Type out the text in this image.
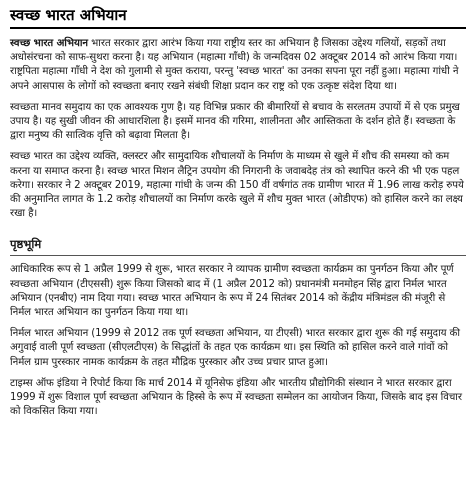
स्वच्छ भारत अभियान

स्वच्छ भारत अभियान भारत सरकार द्वारा आरंभ किया गया राष्ट्रीय स्तर का अभियान है जिसका उद्देश्य गलियों, सड़कों तथा अधोसंरचना को साफ-सुथरा करना है। यह अभियान (महात्मा गाँधी) के जन्मदिवस 02 अक्टूबर 2014 को आरंभ किया गया। राष्ट्रपिता महात्मा गाँधी ने देश को गुलामी से मुक्त कराया, परन्तु 'स्वच्छ भारत' का उनका सपना पूरा नहीं हुआ। महात्मा गांधी ने अपने आसपास के लोगों को स्वच्छता बनाए रखने संबंधी शिक्षा प्रदान कर राष्ट्र को एक उत्कृष्ट संदेश दिया था।

स्वच्छता मानव समुदाय का एक आवश्यक गुण है। यह विभिन्न प्रकार की बीमारियों से बचाव के सरलतम उपायों में से एक प्रमुख उपाय है। यह सुखी जीवन की आधारशिला है। इसमें मानव की गरिमा, शालीनता और आस्तिकता के दर्शन होते हैं। स्वच्छता के द्वारा मनुष्य की सात्विक वृत्ति को बढ़ावा मिलता है।

स्वच्छ भारत का उद्देश्य व्यक्ति, क्लस्टर और सामुदायिक शौचालयों के निर्माण के माध्यम से खुले में शौच की समस्या को कम करना या समाप्त करना है। स्वच्छ भारत मिशन लैट्रिन उपयोग की निगरानी के जवाबदेह तंत्र को स्थापित करने की भी एक पहल करेगा। सरकार ने 2 अक्टूबर 2019, महात्मा गांधी के जन्म की 150 वीं वर्षगांठ तक ग्रामीण भारत में 1.96 लाख करोड़ रुपये की अनुमानित लागत के 1.2 करोड़ शौचालयों का निर्माण करके खुले में शौच मुक्त भारत (ओडीएफ) को हासिल करने का लक्ष्य रखा है।

पृष्ठभूमि

आधिकारिक रूप से 1 अप्रैल 1999 से शुरू, भारत सरकार ने व्यापक ग्रामीण स्वच्छता कार्यक्रम का पुनर्गठन किया और पूर्ण स्वच्छता अभियान (टीएससी) शुरू किया जिसको बाद में (1 अप्रैल 2012 को) प्रधानमंत्री मनमोहन सिंह द्वारा निर्मल भारत अभियान (एनबीए) नाम दिया गया। स्वच्छ भारत अभियान के रूप में 24 सितंबर 2014 को केंद्रीय मंत्रिमंडल की मंजूरी से निर्मल भारत अभियान का पुनर्गठन किया गया था।

निर्मल भारत अभियान (1999 से 2012 तक पूर्ण स्वच्छता अभियान, या टीएसी) भारत सरकार द्वारा शुरू की गई समुदाय की अगुवाई वाली पूर्ण स्वच्छता (सीएलटीएस) के सिद्धांतों के तहत एक कार्यक्रम था। इस स्थिति को हासिल करने वाले गांवों को निर्मल ग्राम पुरस्कार नामक कार्यक्रम के तहत मौद्रिक पुरस्कार और उच्च प्रचार प्राप्त हुआ।

टाइम्स ऑफ इंडिया ने रिपोर्ट किया कि मार्च 2014 में यूनिसेफ इंडिया और भारतीय प्रौद्योगिकी संस्थान ने भारत सरकार द्वारा 1999 में शुरू विशाल पूर्ण स्वच्छता अभियान के हिस्से के रूप में स्वच्छता सम्मेलन का आयोजन किया, जिसके बाद इस विचार को विकसित किया गया।
